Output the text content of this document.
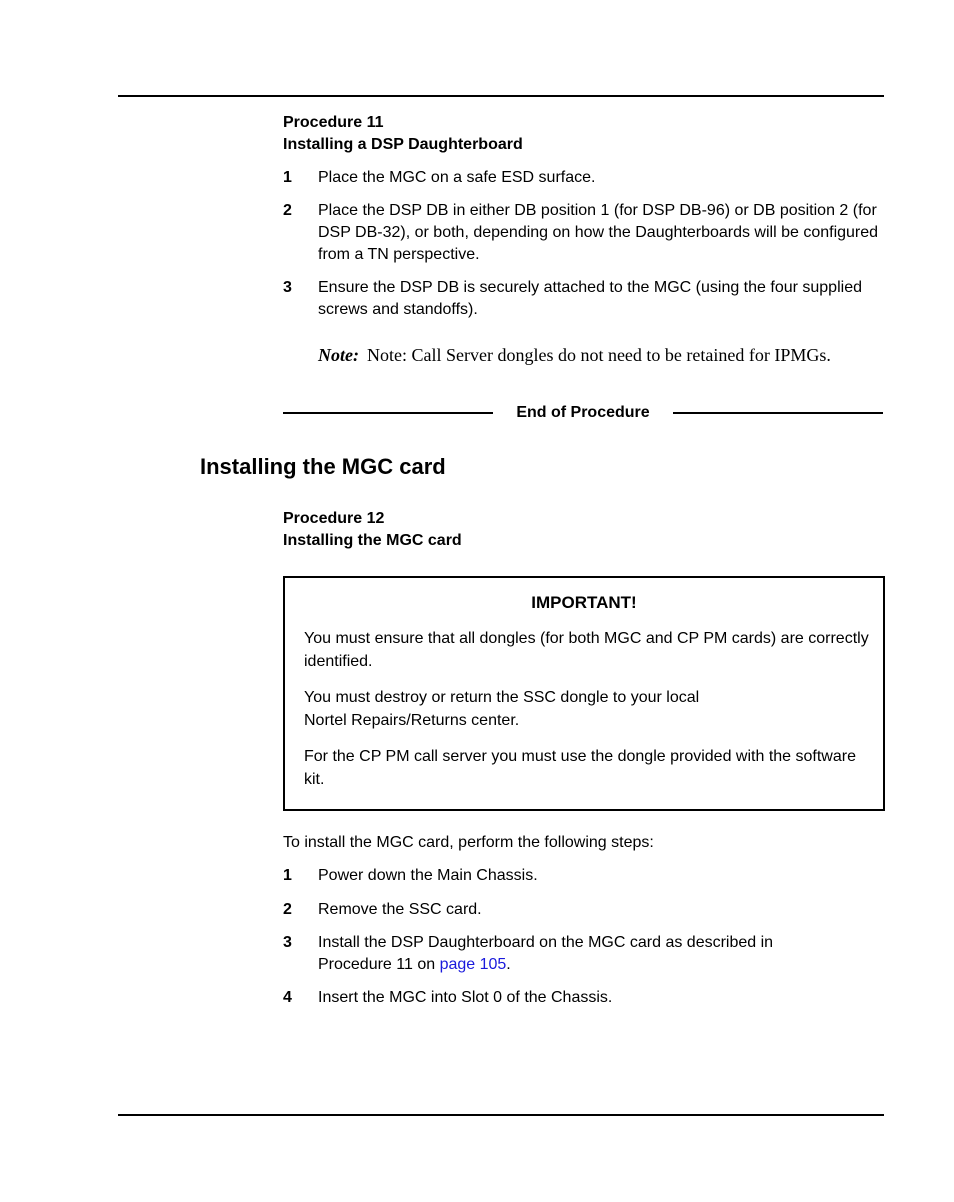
Procedure 11
Installing a DSP Daughterboard
1 Place the MGC on a safe ESD surface.
2 Place the DSP DB in either DB position 1 (for DSP DB-96) or DB position 2 (for DSP DB-32), or both, depending on how the Daughterboards will be configured from a TN perspective.
3 Ensure the DSP DB is securely attached to the MGC (using the four supplied screws and standoffs).
Note: Note: Call Server dongles do not need to be retained for IPMGs.
End of Procedure
Installing the MGC card
Procedure 12
Installing the MGC card
IMPORTANT!
You must ensure that all dongles (for both MGC and CP PM cards) are correctly identified.
You must destroy or return the SSC dongle to your local
Nortel Repairs/Returns center.
For the CP PM call server you must use the dongle provided with the software kit.
To install the MGC card, perform the following steps:
1 Power down the Main Chassis.
2 Remove the SSC card.
3 Install the DSP Daughterboard on the MGC card as described in Procedure 11 on page 105.
4 Insert the MGC into Slot 0 of the Chassis.
